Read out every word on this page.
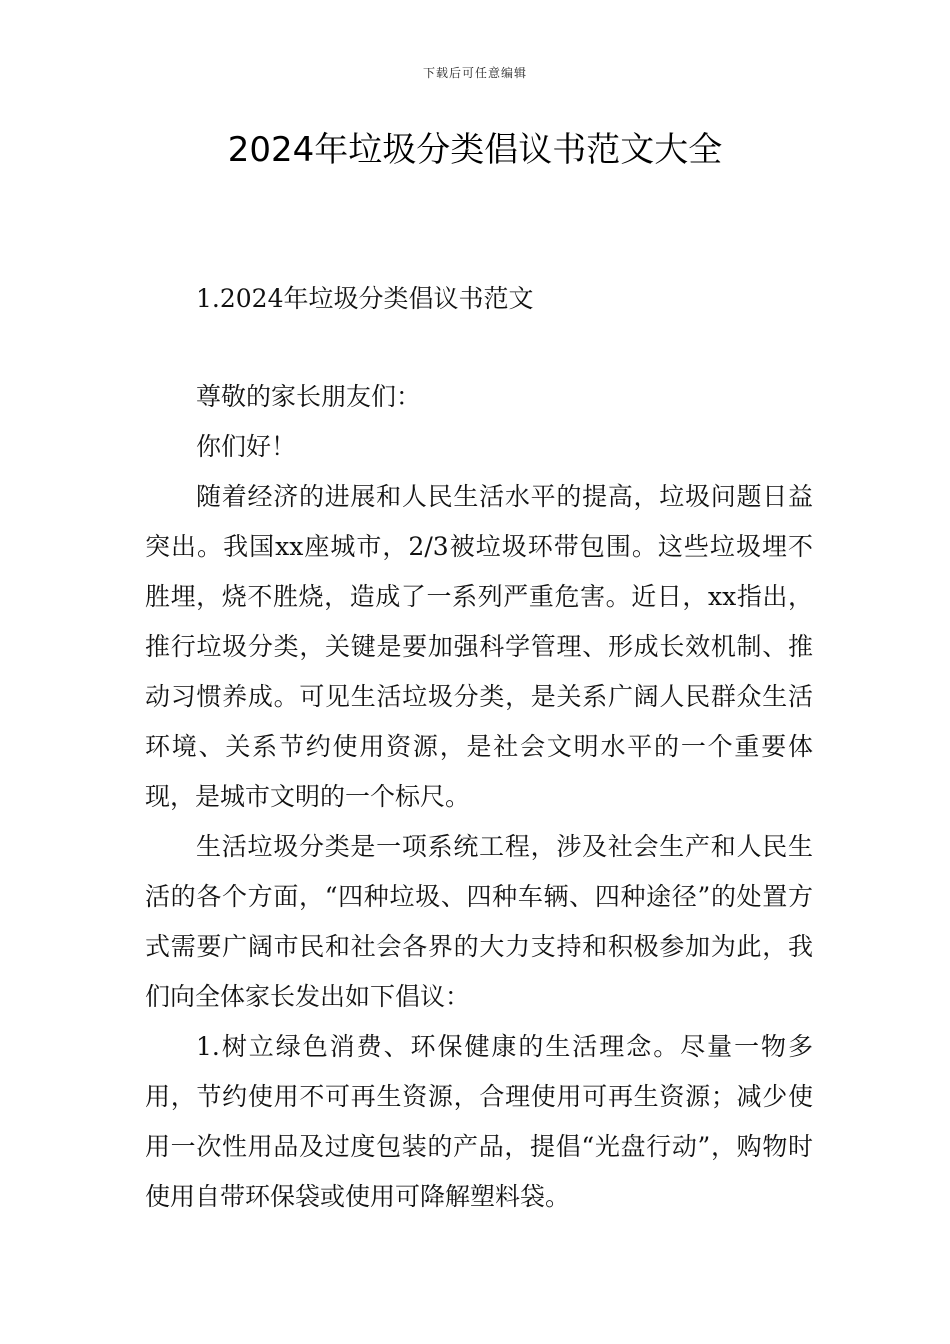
下载后可任意编辑
2024年垃圾分类倡议书范文大全
1.2024年垃圾分类倡议书范文

尊敬的家长朋友们：

你们好！

随着经济的进展和人民生活水平的提高，垃圾问题日益突出。我国xx座城市，2/3被垃圾环带包围。这些垃圾埋不胜埋，烧不胜烧，造成了一系列严重危害。近日，xx指出，推行垃圾分类，关键是要加强科学管理、形成长效机制、推动习惯养成。可见生活垃圾分类，是关系广阔人民群众生活环境、关系节约使用资源，是社会文明水平的一个重要体现，是城市文明的一个标尺。

生活垃圾分类是一项系统工程，涉及社会生产和人民生活的各个方面，“四种垃圾、四种车辆、四种途径”的处置方式需要广阔市民和社会各界的大力支持和积极参加为此，我们向全体家长发出如下倡议：

1.树立绿色消费、环保健康的生活理念。尽量一物多用，节约使用不可再生资源，合理使用可再生资源；减少使用一次性用品及过度包装的产品，提倡“光盘行动”，购物时使用自带环保袋或使用可降解塑料袋。
